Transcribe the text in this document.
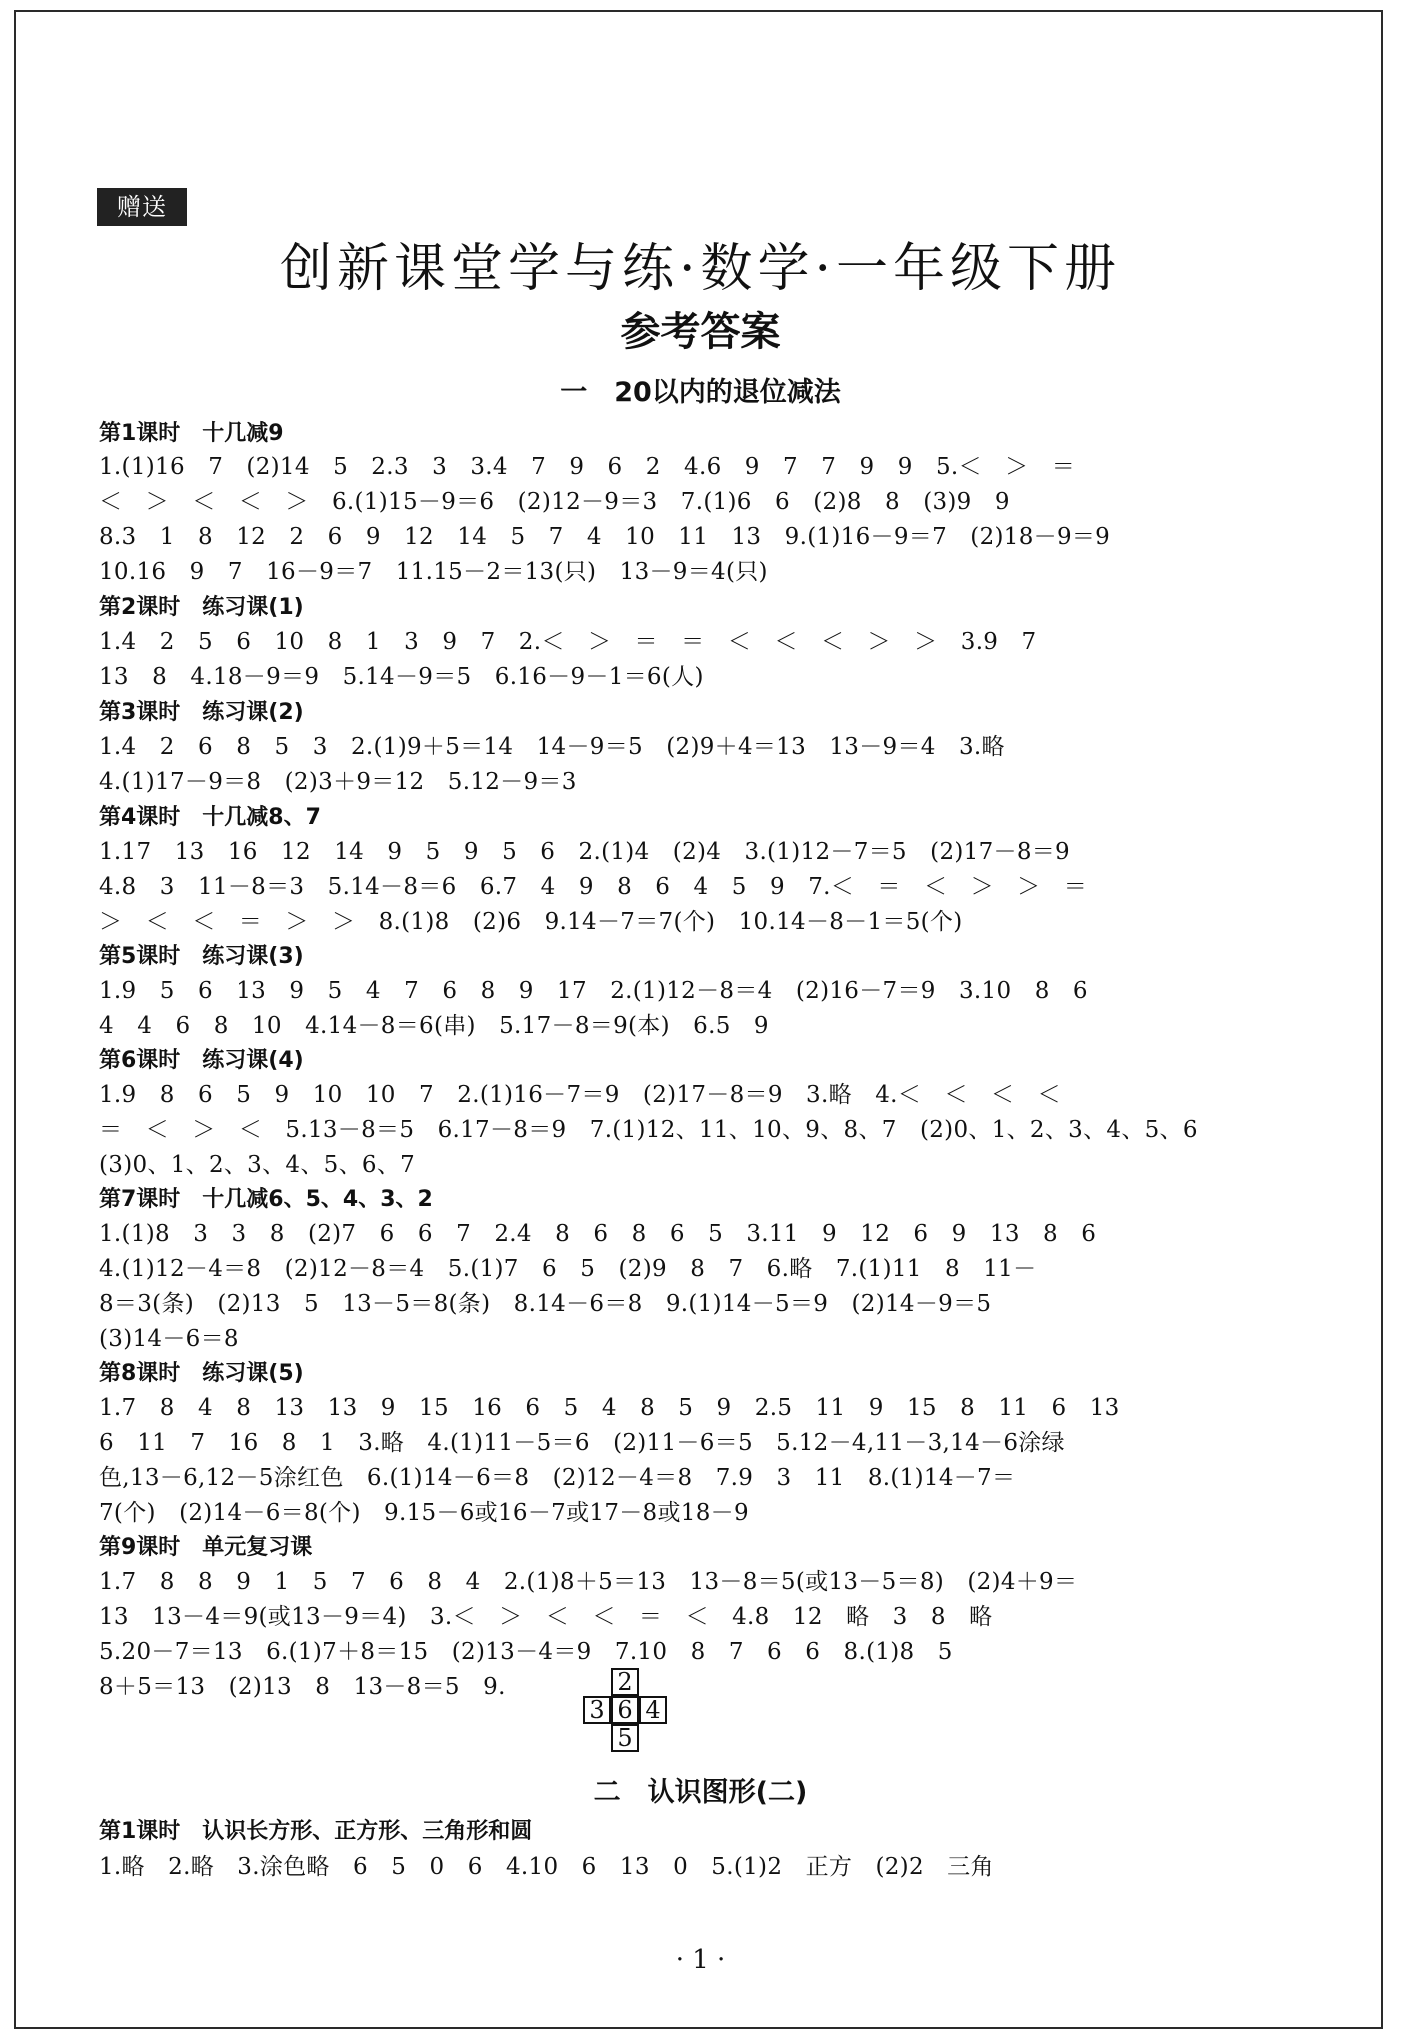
赠送
创新课堂学与练·数学·一年级下册
参考答案
一　20以内的退位减法
第1课时　十几减9
1.(1)16　7　(2)14　5　2.3　3　3.4　7　9　6　2　4.6　9　7　7　9　9　5.＜　＞　＝
＜　＞　＜　＜　＞　6.(1)15－9＝6　(2)12－9＝3　7.(1)6　6　(2)8　8　(3)9　9
8.3　1　8　12　2　6　9　12　14　5　7　4　10　11　13　9.(1)16－9＝7　(2)18－9＝9
10.16　9　7　16－9＝7　11.15－2＝13(只)　13－9＝4(只)
第2课时　练习课(1)
1.4　2　5　6　10　8　1　3　9　7　2.＜　＞　＝　＝　＜　＜　＜　＞　＞　3.9　7
13　8　4.18－9＝9　5.14－9＝5　6.16－9－1＝6(人)
第3课时　练习课(2)
1.4　2　6　8　5　3　2.(1)9＋5＝14　14－9＝5　(2)9＋4＝13　13－9＝4　3.略
4.(1)17－9＝8　(2)3＋9＝12　5.12－9＝3
第4课时　十几减8、7
1.17　13　16　12　14　9　5　9　5　6　2.(1)4　(2)4　3.(1)12－7＝5　(2)17－8＝9
4.8　3　11－8＝3　5.14－8＝6　6.7　4　9　8　6　4　5　9　7.＜　＝　＜　＞　＞　＝
＞　＜　＜　＝　＞　＞　8.(1)8　(2)6　9.14－7＝7(个)　10.14－8－1＝5(个)
第5课时　练习课(3)
1.9　5　6　13　9　5　4　7　6　8　9　17　2.(1)12－8＝4　(2)16－7＝9　3.10　8　6
4　4　6　8　10　4.14－8＝6(串)　5.17－8＝9(本)　6.5　9
第6课时　练习课(4)
1.9　8　6　5　9　10　10　7　2.(1)16－7＝9　(2)17－8＝9　3.略　4.＜　＜　＜　＜
＝　＜　＞　＜　5.13－8＝5　6.17－8＝9　7.(1)12、11、10、9、8、7　(2)0、1、2、3、4、5、6
(3)0、1、2、3、4、5、6、7
第7课时　十几减6、5、4、3、2
1.(1)8　3　3　8　(2)7　6　6　7　2.4　8　6　8　6　5　3.11　9　12　6　9　13　8　6
4.(1)12－4＝8　(2)12－8＝4　5.(1)7　6　5　(2)9　8　7　6.略　7.(1)11　8　11－
8＝3(条)　(2)13　5　13－5＝8(条)　8.14－6＝8　9.(1)14－5＝9　(2)14－9＝5
(3)14－6＝8
第8课时　练习课(5)
1.7　8　4　8　13　13　9　15　16　6　5　4　8　5　9　2.5　11　9　15　8　11　6　13
6　11　7　16　8　1　3.略　4.(1)11－5＝6　(2)11－6＝5　5.12－4,11－3,14－6涂绿
色,13－6,12－5涂红色　6.(1)14－6＝8　(2)12－4＝8　7.9　3　11　8.(1)14－7＝
7(个)　(2)14－6＝8(个)　9.15－6或16－7或17－8或18－9
第9课时　单元复习课
1.7　8　8　9　1　5　7　6　8　4　2.(1)8＋5＝13　13－8＝5(或13－5＝8)　(2)4＋9＝
13　13－4＝9(或13－9＝4)　3.＜　＞　＜　＜　＝　＜　4.8　12　略　3　8　略
5.20－7＝13　6.(1)7＋8＝15　(2)13－4＝9　7.10　8　7　6　6　8.(1)8　5
8＋5＝13　(2)13　8　13－8＝5　9.	2
3 6 4
5
二　认识图形(二)
第1课时　认识长方形、正方形、三角形和圆
1.略　2.略　3.涂色略　6　5　0　6　4.10　6　13　0　5.(1)2　正方　(2)2　三角
· 1 ·
